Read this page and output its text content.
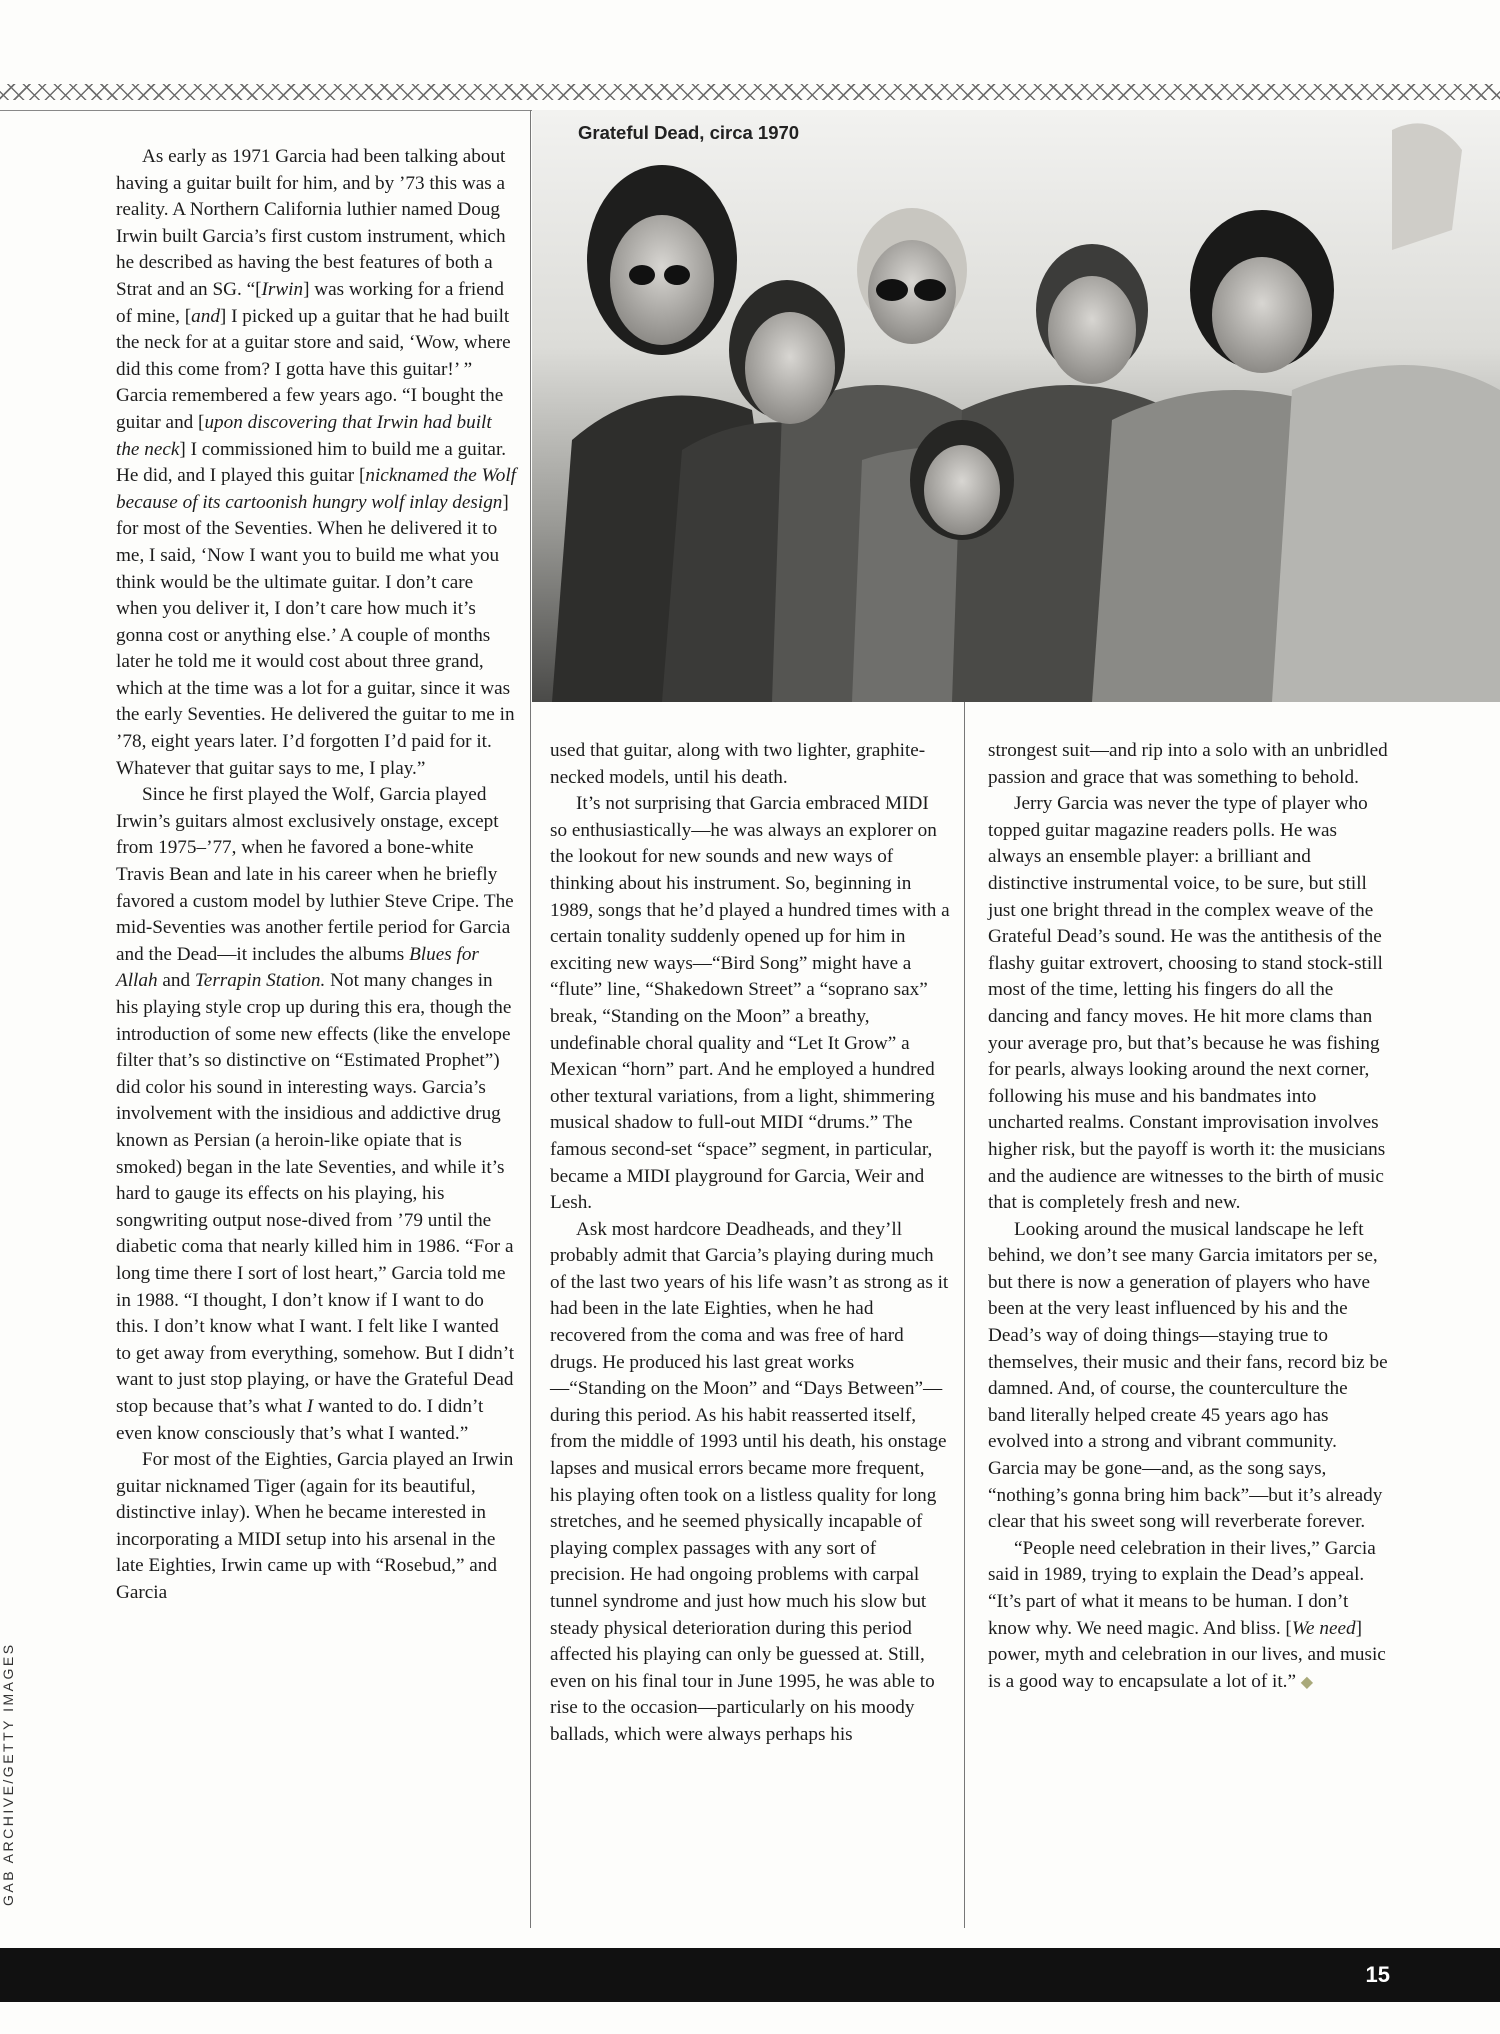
Grateful Dead, circa 1970
GAB ARCHIVE/GETTY IMAGES

As early as 1971 Garcia had been talking about having a guitar built for him, and by ’73 this was a reality. A Northern California luthier named Doug Irwin built Garcia’s first custom instrument, which he described as having the best features of both a Strat and an SG. “[Irwin] was working for a friend of mine, [and] I picked up a guitar that he had built the neck for at a guitar store and said, ‘Wow, where did this come from? I gotta have this guitar!’ ” Garcia remembered a few years ago. “I bought the guitar and [upon discovering that Irwin had built the neck] I commissioned him to build me a guitar. He did, and I played this guitar [nicknamed the Wolf because of its cartoonish hungry wolf inlay design] for most of the Seventies. When he delivered it to me, I said, ‘Now I want you to build me what you think would be the ultimate guitar. I don’t care when you deliver it, I don’t care how much it’s gonna cost or anything else.’ A couple of months later he told me it would cost about three grand, which at the time was a lot for a guitar, since it was the early Seventies. He delivered the guitar to me in ’78, eight years later. I’d forgotten I’d paid for it. Whatever that guitar says to me, I play.”

Since he first played the Wolf, Garcia played Irwin’s guitars almost exclusively onstage, except from 1975–’77, when he favored a bone-white Travis Bean and late in his career when he briefly favored a custom model by luthier Steve Cripe. The mid-Seventies was another fertile period for Garcia and the Dead—it includes the albums Blues for Allah and Terrapin Station. Not many changes in his playing style crop up during this era, though the introduction of some new effects (like the envelope filter that’s so distinctive on “Estimated Prophet”) did color his sound in interesting ways. Garcia’s involvement with the insidious and addictive drug known as Persian (a heroin-like opiate that is smoked) began in the late Seventies, and while it’s hard to gauge its effects on his playing, his songwriting output nose-dived from ’79 until the diabetic coma that nearly killed him in 1986. “For a long time there I sort of lost heart,” Garcia told me in 1988. “I thought, I don’t know if I want to do this. I don’t know what I want. I felt like I wanted to get away from everything, somehow. But I didn’t want to just stop playing, or have the Grateful Dead stop because that’s what I wanted to do. I didn’t even know consciously that’s what I wanted.”

For most of the Eighties, Garcia played an Irwin guitar nicknamed Tiger (again for its beautiful, distinctive inlay). When he became interested in incorporating a MIDI setup into his arsenal in the late Eighties, Irwin came up with “Rosebud,” and Garcia

used that guitar, along with two lighter, graphite-necked models, until his death.

It’s not surprising that Garcia embraced MIDI so enthusiastically—he was always an explorer on the lookout for new sounds and new ways of thinking about his instrument. So, beginning in 1989, songs that he’d played a hundred times with a certain tonality suddenly opened up for him in exciting new ways—“Bird Song” might have a “flute” line, “Shakedown Street” a “soprano sax” break, “Standing on the Moon” a breathy, undefinable choral quality and “Let It Grow” a Mexican “horn” part. And he employed a hundred other textural variations, from a light, shimmering musical shadow to full-out MIDI “drums.” The famous second-set “space” segment, in particular, became a MIDI playground for Garcia, Weir and Lesh.

Ask most hardcore Deadheads, and they’ll probably admit that Garcia’s playing during much of the last two years of his life wasn’t as strong as it had been in the late Eighties, when he had recovered from the coma and was free of hard drugs. He produced his last great works—“Standing on the Moon” and “Days Between”—during this period. As his habit reasserted itself, from the middle of 1993 until his death, his onstage lapses and musical errors became more frequent, his playing often took on a listless quality for long stretches, and he seemed physically incapable of playing complex passages with any sort of precision. He had ongoing problems with carpal tunnel syndrome and just how much his slow but steady physical deterioration during this period affected his playing can only be guessed at. Still, even on his final tour in June 1995, he was able to rise to the occasion—particularly on his moody ballads, which were always perhaps his

strongest suit—and rip into a solo with an unbridled passion and grace that was something to behold.

Jerry Garcia was never the type of player who topped guitar magazine readers polls. He was always an ensemble player: a brilliant and distinctive instrumental voice, to be sure, but still just one bright thread in the complex weave of the Grateful Dead’s sound. He was the antithesis of the flashy guitar extrovert, choosing to stand stock-still most of the time, letting his fingers do all the dancing and fancy moves. He hit more clams than your average pro, but that’s because he was fishing for pearls, always looking around the next corner, following his muse and his bandmates into uncharted realms. Constant improvisation involves higher risk, but the payoff is worth it: the musicians and the audience are witnesses to the birth of music that is completely fresh and new.

Looking around the musical landscape he left behind, we don’t see many Garcia imitators per se, but there is now a generation of players who have been at the very least influenced by his and the Dead’s way of doing things—staying true to themselves, their music and their fans, record biz be damned. And, of course, the counterculture the band literally helped create 45 years ago has evolved into a strong and vibrant community. Garcia may be gone—and, as the song says, “nothing’s gonna bring him back”—but it’s already clear that his sweet song will reverberate forever.

“People need celebration in their lives,” Garcia said in 1989, trying to explain the Dead’s appeal. “It’s part of what it means to be human. I don’t know why. We need magic. And bliss. [We need] power, myth and celebration in our lives, and music is a good way to encapsulate a lot of it.” ◆

15
